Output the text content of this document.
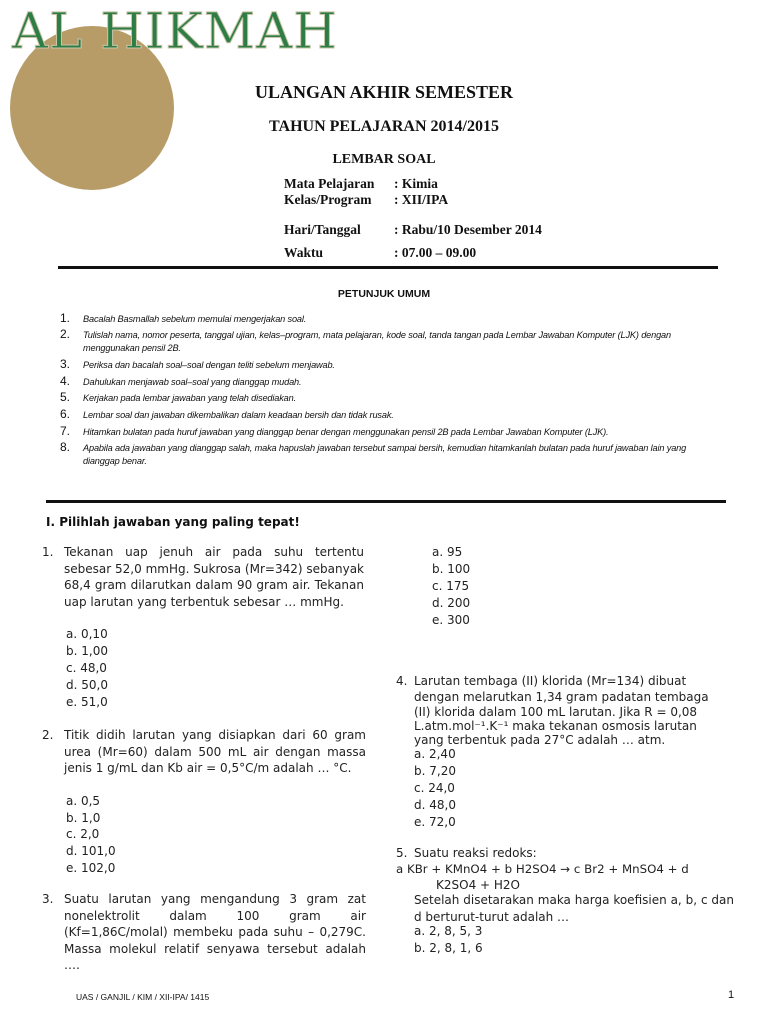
AL HIKMAH
ULANGAN AKHIR SEMESTER
TAHUN PELAJARAN 2014/2015
LEMBAR SOAL
Mata Pelajaran : Kimia
Kelas/Program : XII/IPA
Hari/Tanggal : Rabu/10 Desember 2014
Waktu	: 07.00 – 09.00
PETUNJUK UMUM
1. Bacalah Basmallah sebelum memulai mengerjakan soal.
2. Tulislah nama, nomor peserta, tanggal ujian, kelas–program, mata pelajaran, kode soal, tanda tangan pada Lembar Jawaban Komputer (LJK) dengan menggunakan pensil 2B.
3. Periksa dan bacalah soal–soal dengan teliti sebelum menjawab.
4. Dahulukan menjawab soal–soal yang dianggap mudah.
5. Kerjakan pada lembar jawaban yang telah disediakan.
6. Lembar soal dan jawaban dikembalikan dalam keadaan bersih dan tidak rusak.
7. Hitamkan bulatan pada huruf jawaban yang dianggap benar dengan menggunakan pensil 2B pada Lembar Jawaban Komputer (LJK).
8. Apabila ada jawaban yang dianggap salah, maka hapuslah jawaban tersebut sampai bersih, kemudian hitamkanlah bulatan pada huruf jawaban lain yang dianggap benar.
I. Pilihlah jawaban yang paling tepat!
1. Tekanan uap jenuh air pada suhu tertentu sebesar 52,0 mmHg. Sukrosa (Mr=342) sebanyak 68,4 gram dilarutkan dalam 90 gram air. Tekanan uap larutan yang terbentuk sebesar … mmHg.
a. 0,10
b. 1,00
c. 48,0
d. 50,0
e. 51,0
2. Titik didih larutan yang disiapkan dari 60 gram urea (Mr=60) dalam 500 mL air dengan massa jenis 1 g/mL dan Kb air = 0,5°C/m adalah … °C.
a. 0,5
b. 1,0
c. 2,0
d. 101,0
e. 102,0
3. Suatu larutan yang mengandung 3 gram zat nonelektrolit dalam 100 gram air (Kf=1,86C/molal) membeku pada suhu – 0,279C. Massa molekul relatif senyawa tersebut adalah ….
a. 95
b. 100
c. 175
d. 200
e. 300
4. Larutan tembaga (II) klorida (Mr=134) dibuat
dengan melarutkan 1,34 gram padatan tembaga
(II) klorida dalam 100 mL larutan. Jika R = 0,08
L.atm.mol⁻¹.K⁻¹ maka tekanan osmosis larutan
yang terbentuk pada 27°C adalah … atm.
a. 2,40
b. 7,20
c. 24,0
d. 48,0
e. 72,0
5. Suatu reaksi redoks:
a KBr + KMnO4 + b H2SO4 → c Br2 + MnSO4 + d
K2SO4 + H2O
Setelah disetarakan maka harga koefisien a, b, c dan d berturut-turut adalah …
a. 2, 8, 5, 3
b. 2, 8, 1, 6
UAS / GANJIL / KIM / XII-IPA/ 1415	1
